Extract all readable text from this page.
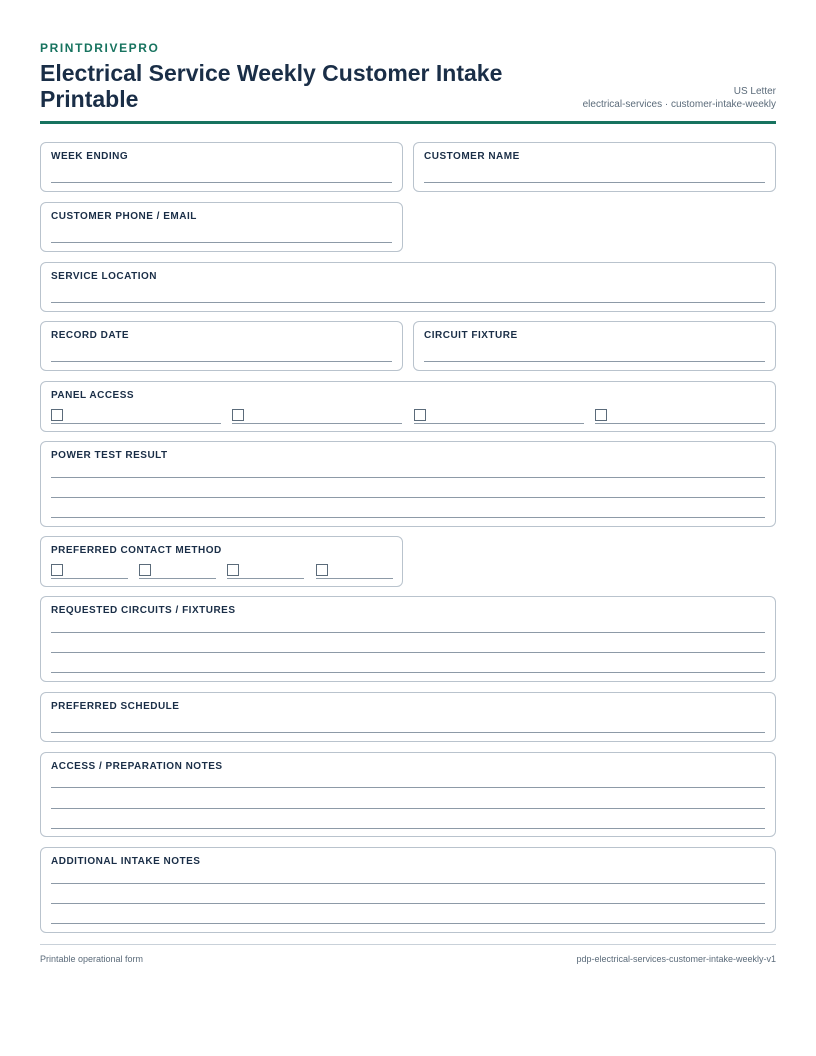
PRINTDRIVEPRO
Electrical Service Weekly Customer Intake Printable	US Letter
electrical-services · customer-intake-weekly
WEEK ENDING	CUSTOMER NAME
CUSTOMER PHONE / EMAIL
SERVICE LOCATION
RECORD DATE	CIRCUIT FIXTURE
PANEL ACCESS
POWER TEST RESULT
PREFERRED CONTACT METHOD
REQUESTED CIRCUITS / FIXTURES
PREFERRED SCHEDULE
ACCESS / PREPARATION NOTES
ADDITIONAL INTAKE NOTES
Printable operational form	pdp-electrical-services-customer-intake-weekly-v1
